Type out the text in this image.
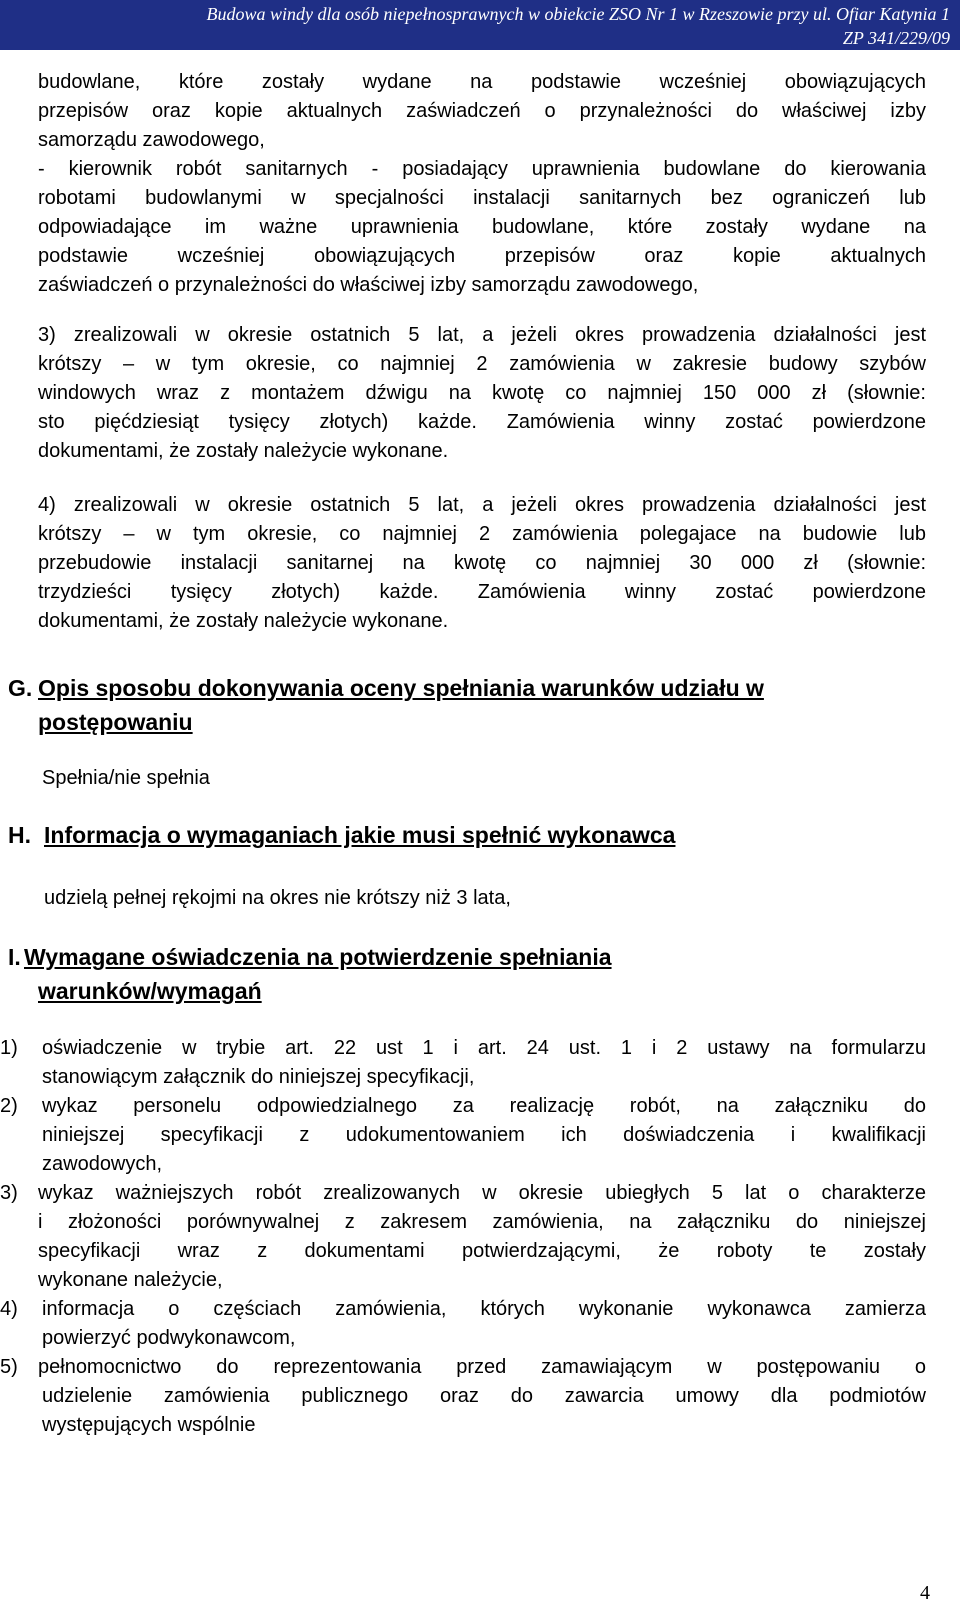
Budowa windy dla osób niepełnosprawnych w obiekcie ZSO Nr 1 w Rzeszowie przy ul. Ofiar Katynia 1
ZP 341/229/09
budowlane, które zostały wydane na podstawie wcześniej obowiązujących
przepisów oraz kopie aktualnych zaświadczeń o przynależności do właściwej izby
samorządu zawodowego,
- kierownik robót sanitarnych - posiadający uprawnienia budowlane do kierowania
robotami budowlanymi w specjalności instalacji sanitarnych bez ograniczeń lub
odpowiadające im ważne uprawnienia budowlane, które zostały wydane na
podstawie wcześniej obowiązujących przepisów oraz kopie aktualnych
zaświadczeń o przynależności do właściwej izby samorządu zawodowego,
3) zrealizowali w okresie ostatnich 5 lat, a jeżeli okres prowadzenia działalności jest
krótszy – w tym okresie, co najmniej 2 zamówienia w zakresie budowy szybów
windowych wraz z montażem dźwigu na kwotę co najmniej 150 000 zł (słownie:
sto pięćdziesiąt tysięcy złotych) każde. Zamówienia winny zostać powierdzone
dokumentami, że zostały należycie wykonane.
4) zrealizowali w okresie ostatnich 5 lat, a jeżeli okres prowadzenia działalności jest
krótszy – w tym okresie, co najmniej 2 zamówienia polegajace na budowie lub
przebudowie instalacji sanitarnej na kwotę co najmniej 30 000 zł (słownie:
trzydzieści tysięcy złotych) każde. Zamówienia winny zostać powierdzone
dokumentami, że zostały należycie wykonane.
G. Opis sposobu dokonywania oceny spełniania warunków udziału w
postępowaniu
Spełnia/nie spełnia
H. Informacja o wymaganiach jakie musi spełnić wykonawca
udzielą pełnej rękojmi na okres nie krótszy niż 3 lata,
I. Wymagane oświadczenia na potwierdzenie spełniania
warunków/wymagań
1) oświadczenie w trybie art. 22 ust 1 i art. 24 ust. 1 i 2 ustawy na formularzu
stanowiącym załącznik do niniejszej specyfikacji,
2) wykaz personelu odpowiedzialnego za realizację robót, na załączniku do
niniejszej specyfikacji z udokumentowaniem ich doświadczenia i kwalifikacji
zawodowych,
3) wykaz ważniejszych robót zrealizowanych w okresie ubiegłych 5 lat o charakterze
i złożoności porównywalnej z zakresem zamówienia, na załączniku do niniejszej
specyfikacji wraz z dokumentami potwierdzającymi, że roboty te zostały
wykonane należycie,
4) informacja o częściach zamówienia, których wykonanie wykonawca zamierza
powierzyć podwykonawcom,
5) pełnomocnictwo do reprezentowania przed zamawiającym w postępowaniu o
udzielenie zamówienia publicznego oraz do zawarcia umowy dla podmiotów
występujących wspólnie
4
